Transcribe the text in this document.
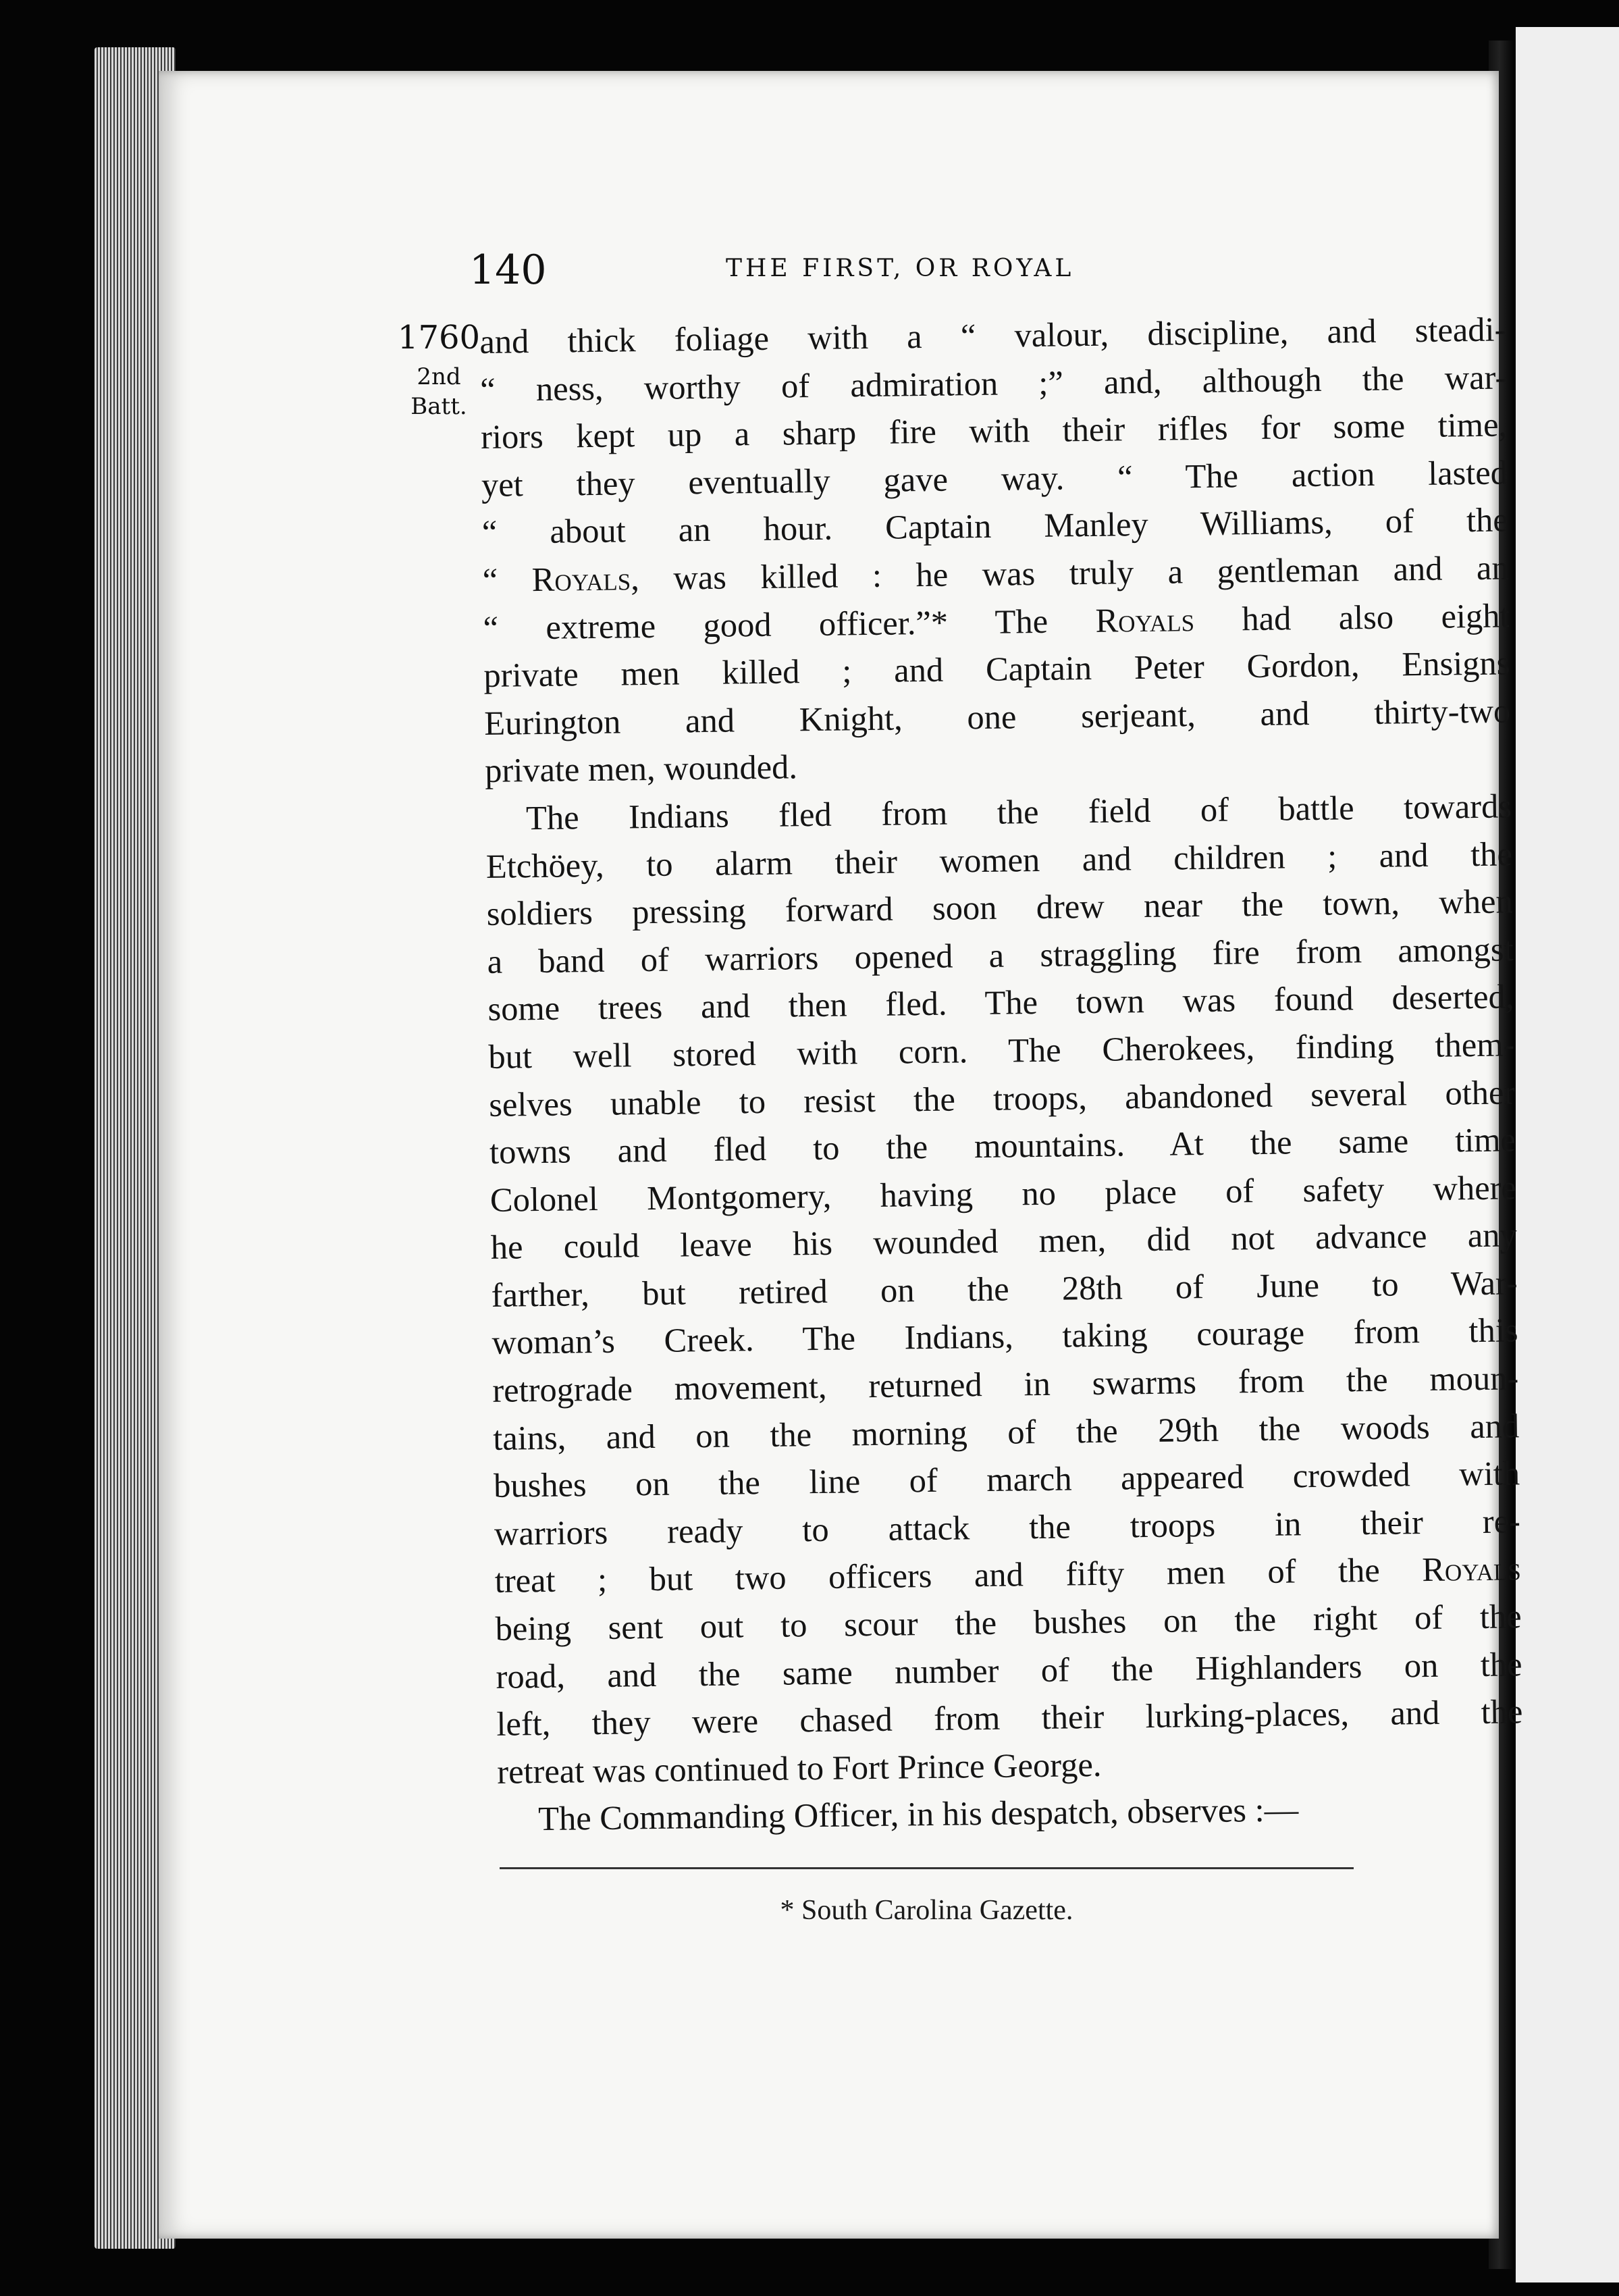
140	THE FIRST, OR ROYAL
1760
2nd
Batt.
and thick foliage with a “ valour, discipline, and steadi-
“ ness, worthy of admiration ;” and, although the war-
riors kept up a sharp fire with their rifles for some time,
yet they eventually gave way. “ The action lasted
“ about an hour. Captain Manley Williams, of the
“ Royals, was killed : he was truly a gentleman and an
“ extreme good officer.”* The Royals had also eight
private men killed ; and Captain Peter Gordon, Ensigns
Eurington and Knight, one serjeant, and thirty-two
private men, wounded.
The Indians fled from the field of battle towards
Etchöey, to alarm their women and children ; and the
soldiers pressing forward soon drew near the town, when
a band of warriors opened a straggling fire from amongst
some trees and then fled. The town was found deserted,
but well stored with corn. The Cherokees, finding them-
selves unable to resist the troops, abandoned several other
towns and fled to the mountains. At the same time
Colonel Montgomery, having no place of safety where
he could leave his wounded men, did not advance any
farther, but retired on the 28th of June to War-
woman’s Creek. The Indians, taking courage from this
retrograde movement, returned in swarms from the moun-
tains, and on the morning of the 29th the woods and
bushes on the line of march appeared crowded with
warriors ready to attack the troops in their re-
treat ; but two officers and fifty men of the Royals
being sent out to scour the bushes on the right of the
road, and the same number of the Highlanders on the
left, they were chased from their lurking-places, and the
retreat was continued to Fort Prince George.
The Commanding Officer, in his despatch, observes :—
* South Carolina Gazette.
